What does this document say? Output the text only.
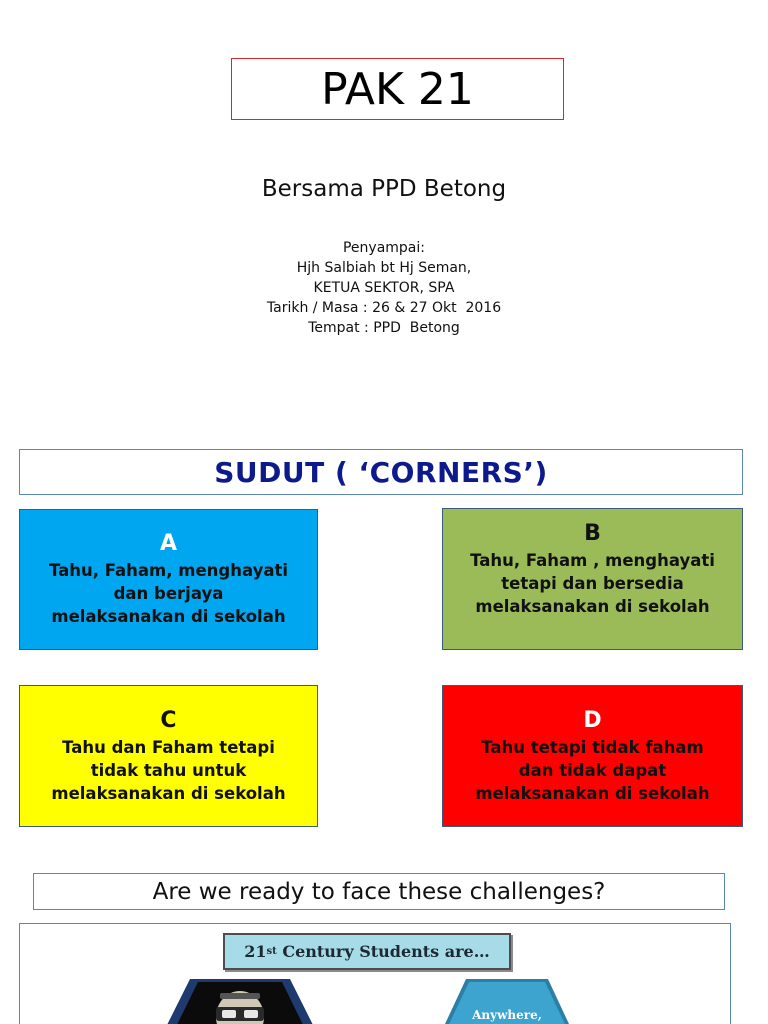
PAK 21
Bersama PPD Betong
Penyampai:
Hjh Salbiah bt Hj Seman,
KETUA SEKTOR, SPA
Tarikh / Masa : 26 & 27 Okt  2016
Tempat : PPD  Betong
SUDUT ( ‘CORNERS’)
A
Tahu, Faham, menghayati
dan berjaya
melaksanakan di sekolah
B
Tahu, Faham , menghayati
tetapi dan bersedia
melaksanakan di sekolah
C
Tahu dan Faham tetapi
tidak tahu untuk
melaksanakan di sekolah
D
Tahu tetapi tidak faham
dan tidak dapat
melaksanakan di sekolah
Are we ready to face these challenges?
21 st Century Students are…
Anywhere,
